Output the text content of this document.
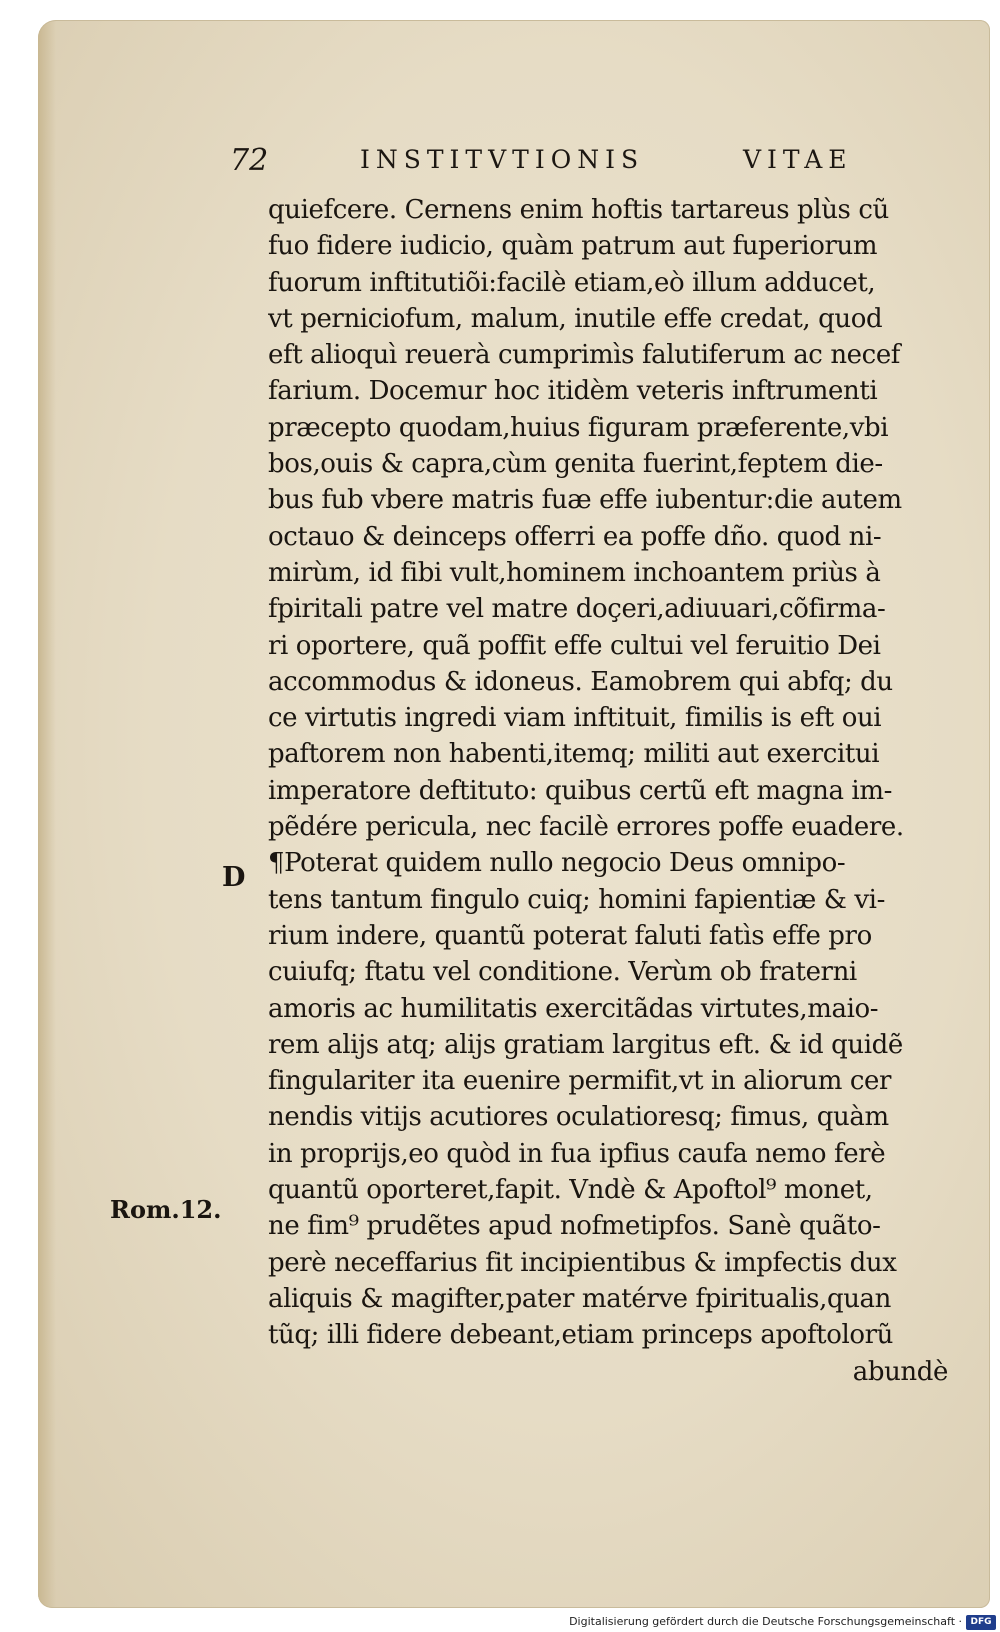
72	INSTITVTIONIS	VITAE
D
Rom.12.
quiefcere. Cernens enim hoftis tartareus plùs cũ
fuo fidere iudicio, quàm patrum aut fuperiorum
fuorum inftitutiõi:facilè etiam,eò illum adducet,
vt perniciofum, malum, inutile effe credat, quod
eft alioquì reuerà cumprimìs falutiferum ac necef
farium. Docemur hoc itidèm veteris inftrumenti
præcepto quodam,huius figuram præferente,vbi
bos,ouis & capra,cùm genita fuerint,feptem die-
bus fub vbere matris fuæ effe iubentur:die autem
octauo & deinceps offerri ea poffe dño. quod ni-
mirùm, id fibi vult,hominem inchoantem priùs à
fpiritali patre vel matre doçeri,adiuuari,cõfirma-
ri oportere, quã poffit effe cultui vel feruitio Dei
accommodus & idoneus. Eamobrem qui abfq; du
ce virtutis ingredi viam inftituit, fimilis is eft oui
paftorem non habenti,itemq; militi aut exercitui
imperatore deftituto: quibus certũ eft magna im-
pẽdére pericula, nec facilè errores poffe euadere.
¶Poterat quidem nullo negocio Deus omnipo-
tens tantum fingulo cuiq; homini fapientiæ & vi-
rium indere, quantũ poterat faluti fatìs effe pro
cuiufq; ftatu vel conditione. Verùm ob fraterni
amoris ac humilitatis exercitãdas virtutes,maio-
rem alijs atq; alijs gratiam largitus eft. & id quidẽ
fingulariter ita euenire permifit,vt in aliorum cer
nendis vitijs acutiores oculatioresq; fimus, quàm
in proprijs,eo quòd in fua ipfius caufa nemo ferè
quantũ oporteret,fapit. Vndè & Apoftol⁹ monet,
ne fim⁹ prudẽtes apud nofmetipfos. Sanè quãto-
perè neceffarius fit incipientibus & impfectis dux
aliquis & magifter,pater matérve fpiritualis,quan
tũq; illi fidere debeant,etiam princeps apoftolorũ
abundè
Digitalisierung gefördert durch die Deutsche Forschungsgemeinschaft · DFG
